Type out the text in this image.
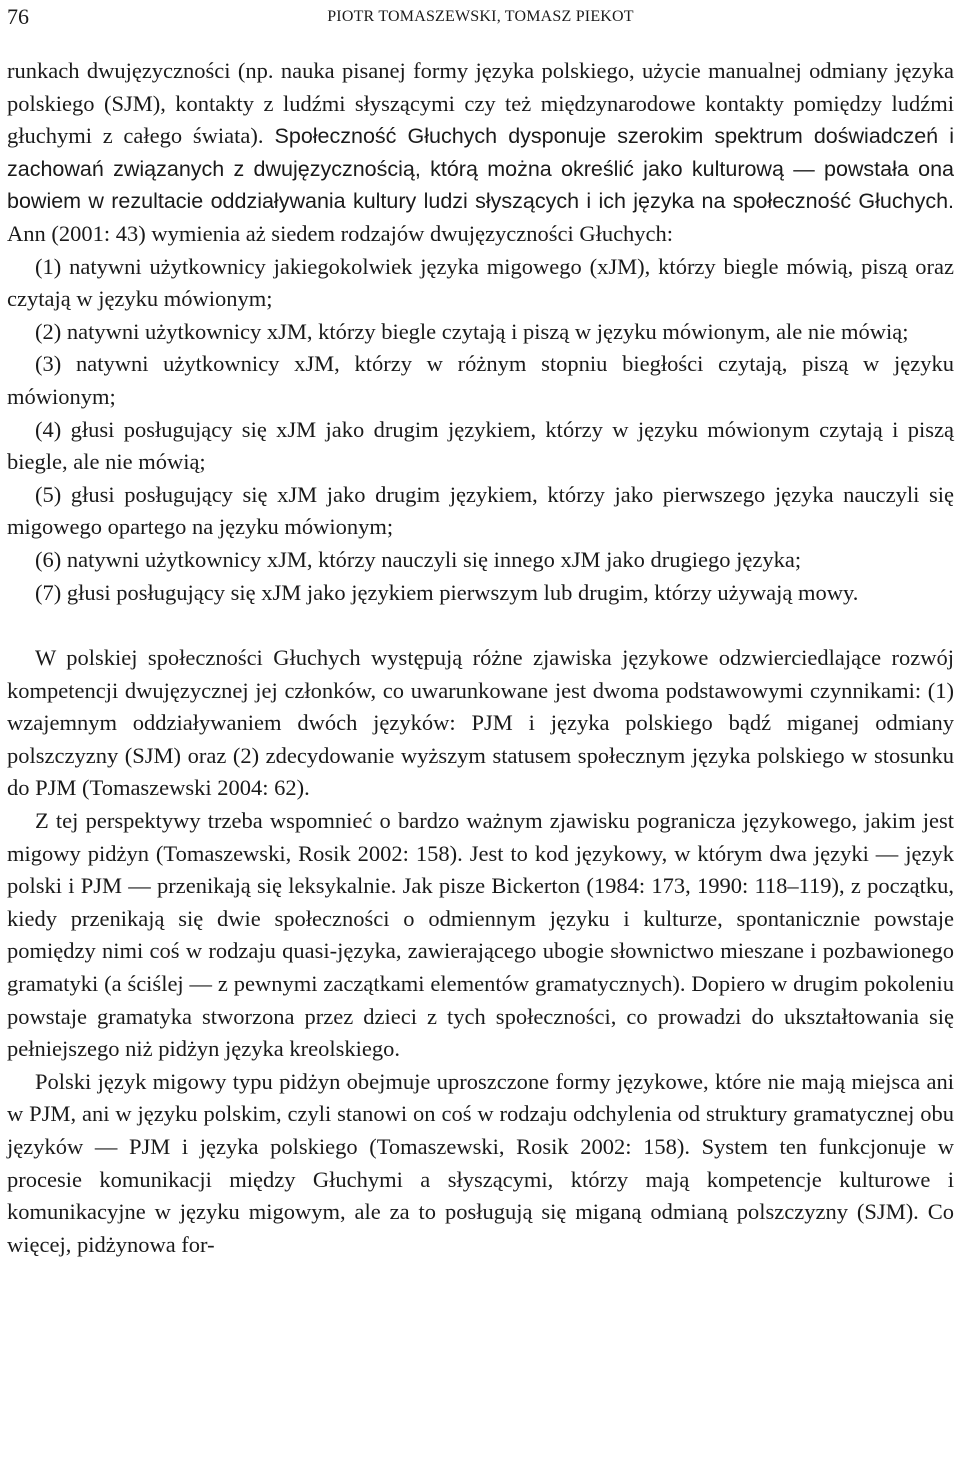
76	PIOTR TOMASZEWSKI, TOMASZ PIEKOT

runkach dwujęzyczności (np. nauka pisanej formy języka polskiego, użycie manualnej odmiany języka polskiego (SJM), kontakty z ludźmi słyszącymi czy też międzynarodowe kontakty pomiędzy ludźmi głuchymi z całego świata). Społeczność Głuchych dysponuje szerokim spektrum doświadczeń i zachowań związanych z dwujęzycznością, którą można określić jako kulturową — powstała ona bowiem w rezultacie oddziaływania kultury ludzi słyszących i ich języka na społeczność Głuchych. Ann (2001: 43) wymienia aż siedem rodzajów dwujęzyczności Głuchych:

(1) natywni użytkownicy jakiegokolwiek języka migowego (xJM), którzy biegle mówią, piszą oraz czytają w języku mówionym;

(2) natywni użytkownicy xJM, którzy biegle czytają i piszą w języku mówionym, ale nie mówią;

(3) natywni użytkownicy xJM, którzy w różnym stopniu biegłości czytają, piszą w języku mówionym;

(4) głusi posługujący się xJM jako drugim językiem, którzy w języku mówionym czytają i piszą biegle, ale nie mówią;

(5) głusi posługujący się xJM jako drugim językiem, którzy jako pierwszego języka nauczyli się migowego opartego na języku mówionym;

(6) natywni użytkownicy xJM, którzy nauczyli się innego xJM jako drugiego języka;

(7) głusi posługujący się xJM jako językiem pierwszym lub drugim, którzy używają mowy.

W polskiej społeczności Głuchych występują różne zjawiska językowe odzwierciedlające rozwój kompetencji dwujęzycznej jej członków, co uwarunkowane jest dwoma podstawowymi czynnikami: (1) wzajemnym oddziaływaniem dwóch języków: PJM i języka polskiego bądź miganej odmiany polszczyzny (SJM) oraz (2) zdecydowanie wyższym statusem społecznym języka polskiego w stosunku do PJM (Tomaszewski 2004: 62).

Z tej perspektywy trzeba wspomnieć o bardzo ważnym zjawisku pogranicza językowego, jakim jest migowy pidżyn (Tomaszewski, Rosik 2002: 158). Jest to kod językowy, w którym dwa języki — język polski i PJM — przenikają się leksykalnie. Jak pisze Bickerton (1984: 173, 1990: 118–119), z początku, kiedy przenikają się dwie społeczności o odmiennym języku i kulturze, spontanicznie powstaje pomiędzy nimi coś w rodzaju quasi-języka, zawierającego ubogie słownictwo mieszane i pozbawionego gramatyki (a ściślej — z pewnymi zaczątkami elementów gramatycznych). Dopiero w drugim pokoleniu powstaje gramatyka stworzona przez dzieci z tych społeczności, co prowadzi do ukształtowania się pełniejszego niż pidżyn języka kreolskiego.

Polski język migowy typu pidżyn obejmuje uproszczone formy językowe, które nie mają miejsca ani w PJM, ani w języku polskim, czyli stanowi on coś w rodzaju odchylenia od struktury gramatycznej obu języków — PJM i języka polskiego (Tomaszewski, Rosik 2002: 158). System ten funkcjonuje w procesie komunikacji między Głuchymi a słyszącymi, którzy mają kompetencje kulturowe i komunikacyjne w języku migowym, ale za to posługują się miganą odmianą polszczyzny (SJM). Co więcej, pidżynowa for-
